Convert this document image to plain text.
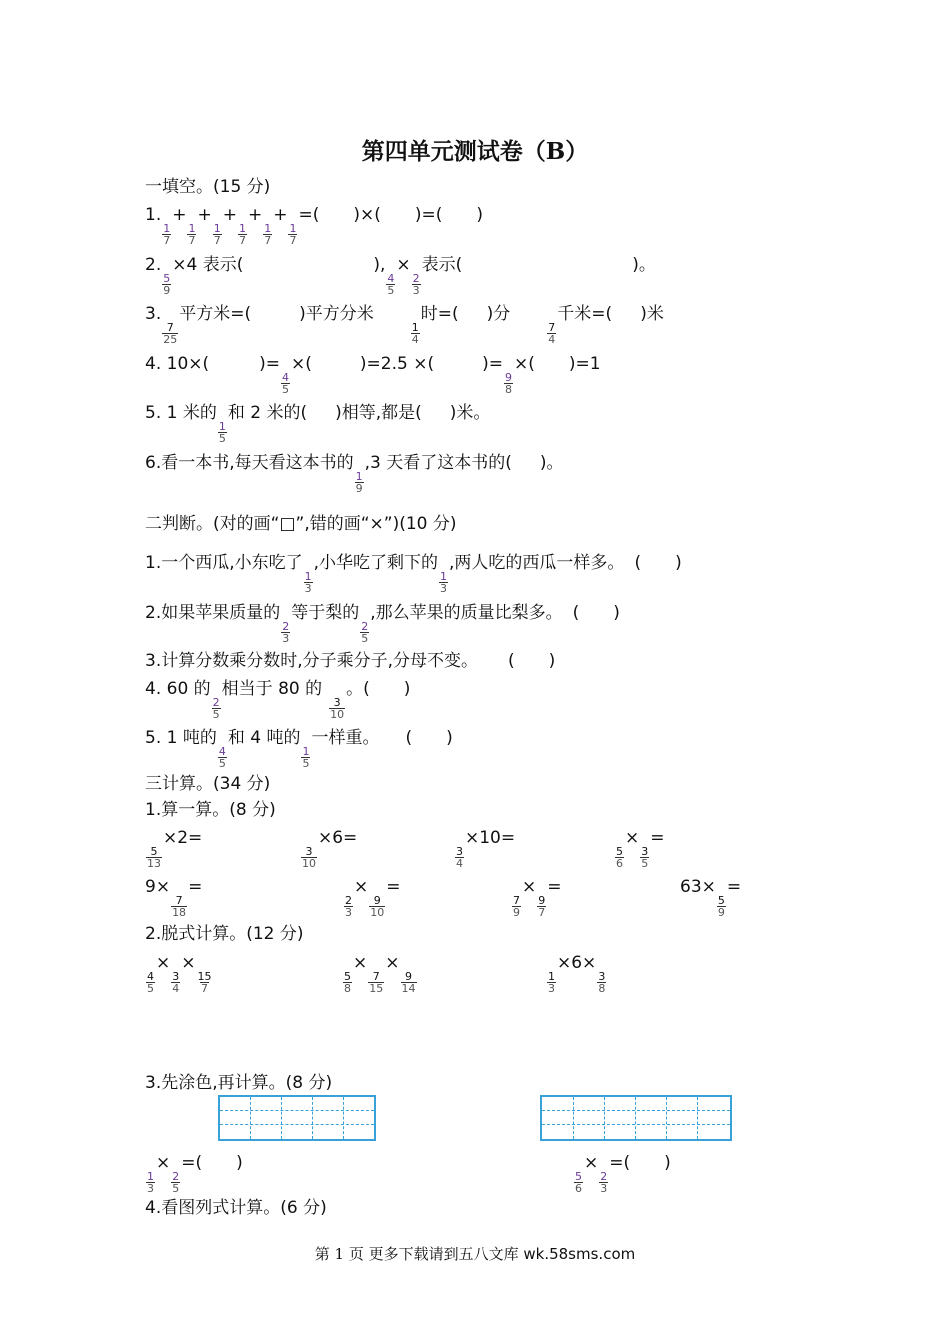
第四单元测试卷（B）
一填空。(15 分)
1.
$\frac{1}{7}$
+
$\frac{1}{7}$
+
$\frac{1}{7}$
+
$\frac{1}{7}$
+
$\frac{1}{7}$
+
$\frac{1}{7}$
=(　　)×(　　)=(　　)
2.
$\frac{5}{9}$
×4 表示(	),
$\frac{4}{5}$
×
$\frac{2}{3}$
表示(	)。
3.
$\frac{7}{25}$
平方米=(	)平方分米
$\frac{1}{4}$
时=( )分
$\frac{7}{4}$
千米=( )米
4. 10×(	)=
$\frac{4}{5}$
×(	)=2.5 ×(	)=
$\frac{9}{8}$
×( )=1
5. 1 米的
$\frac{1}{5}$
和 2 米的( )相等,都是( )米。
6.看一本书,每天看这本书的
$\frac{1}{9}$
,3 天看了这本书的( )。
二判断。(对的画“□”,错的画“×”)(10 分)
1.一个西瓜,小东吃了
$\frac{1}{3}$
,小华吃了剩下的
$\frac{1}{3}$
,两人吃的西瓜一样多。 (　　)
2.如果苹果质量的
$\frac{2}{3}$
等于梨的
$\frac{2}{5}$
,那么苹果的质量比梨多。 (　　)
3.计算分数乘分数时,分子乘分子,分母不变。 (　　)
4. 60 的
$\frac{2}{5}$
相当于 80 的
$\frac{3}{10}$
。(　　)
5. 1 吨的
$\frac{4}{5}$
和 4 吨的
$\frac{1}{5}$
一样重。 (　　)
三计算。(34 分)
1.算一算。(8 分)
$\frac{5}{13}$
×2=
$\frac{3}{10}$
×6=
$\frac{3}{4}$
×10=
$\frac{5}{6}$
×
$\frac{3}{5}$
=
9×
$\frac{7}{18}$
=
$\frac{2}{3}$
×
$\frac{9}{10}$
=
$\frac{7}{9}$
×
$\frac{9}{7}$
=	63×
$\frac{5}{9}$
=
2.脱式计算。(12 分)
$\frac{4}{5}$
×
$\frac{3}{4}$
×
$\frac{15}{7}$	$\frac{5}{8}$
×
$\frac{7}{15}$
×
$\frac{9}{14}$	$\frac{1}{3}$
×6×
$\frac{3}{8}$
3.先涂色,再计算。(8 分)
$\frac{1}{3}$
×
$\frac{2}{5}$
=(　　)
$\frac{5}{6}$
×
$\frac{2}{3}$
=(　　)
4.看图列式计算。(6 分)
第 1 页 更多下载请到五八文库 wk.58sms.com
